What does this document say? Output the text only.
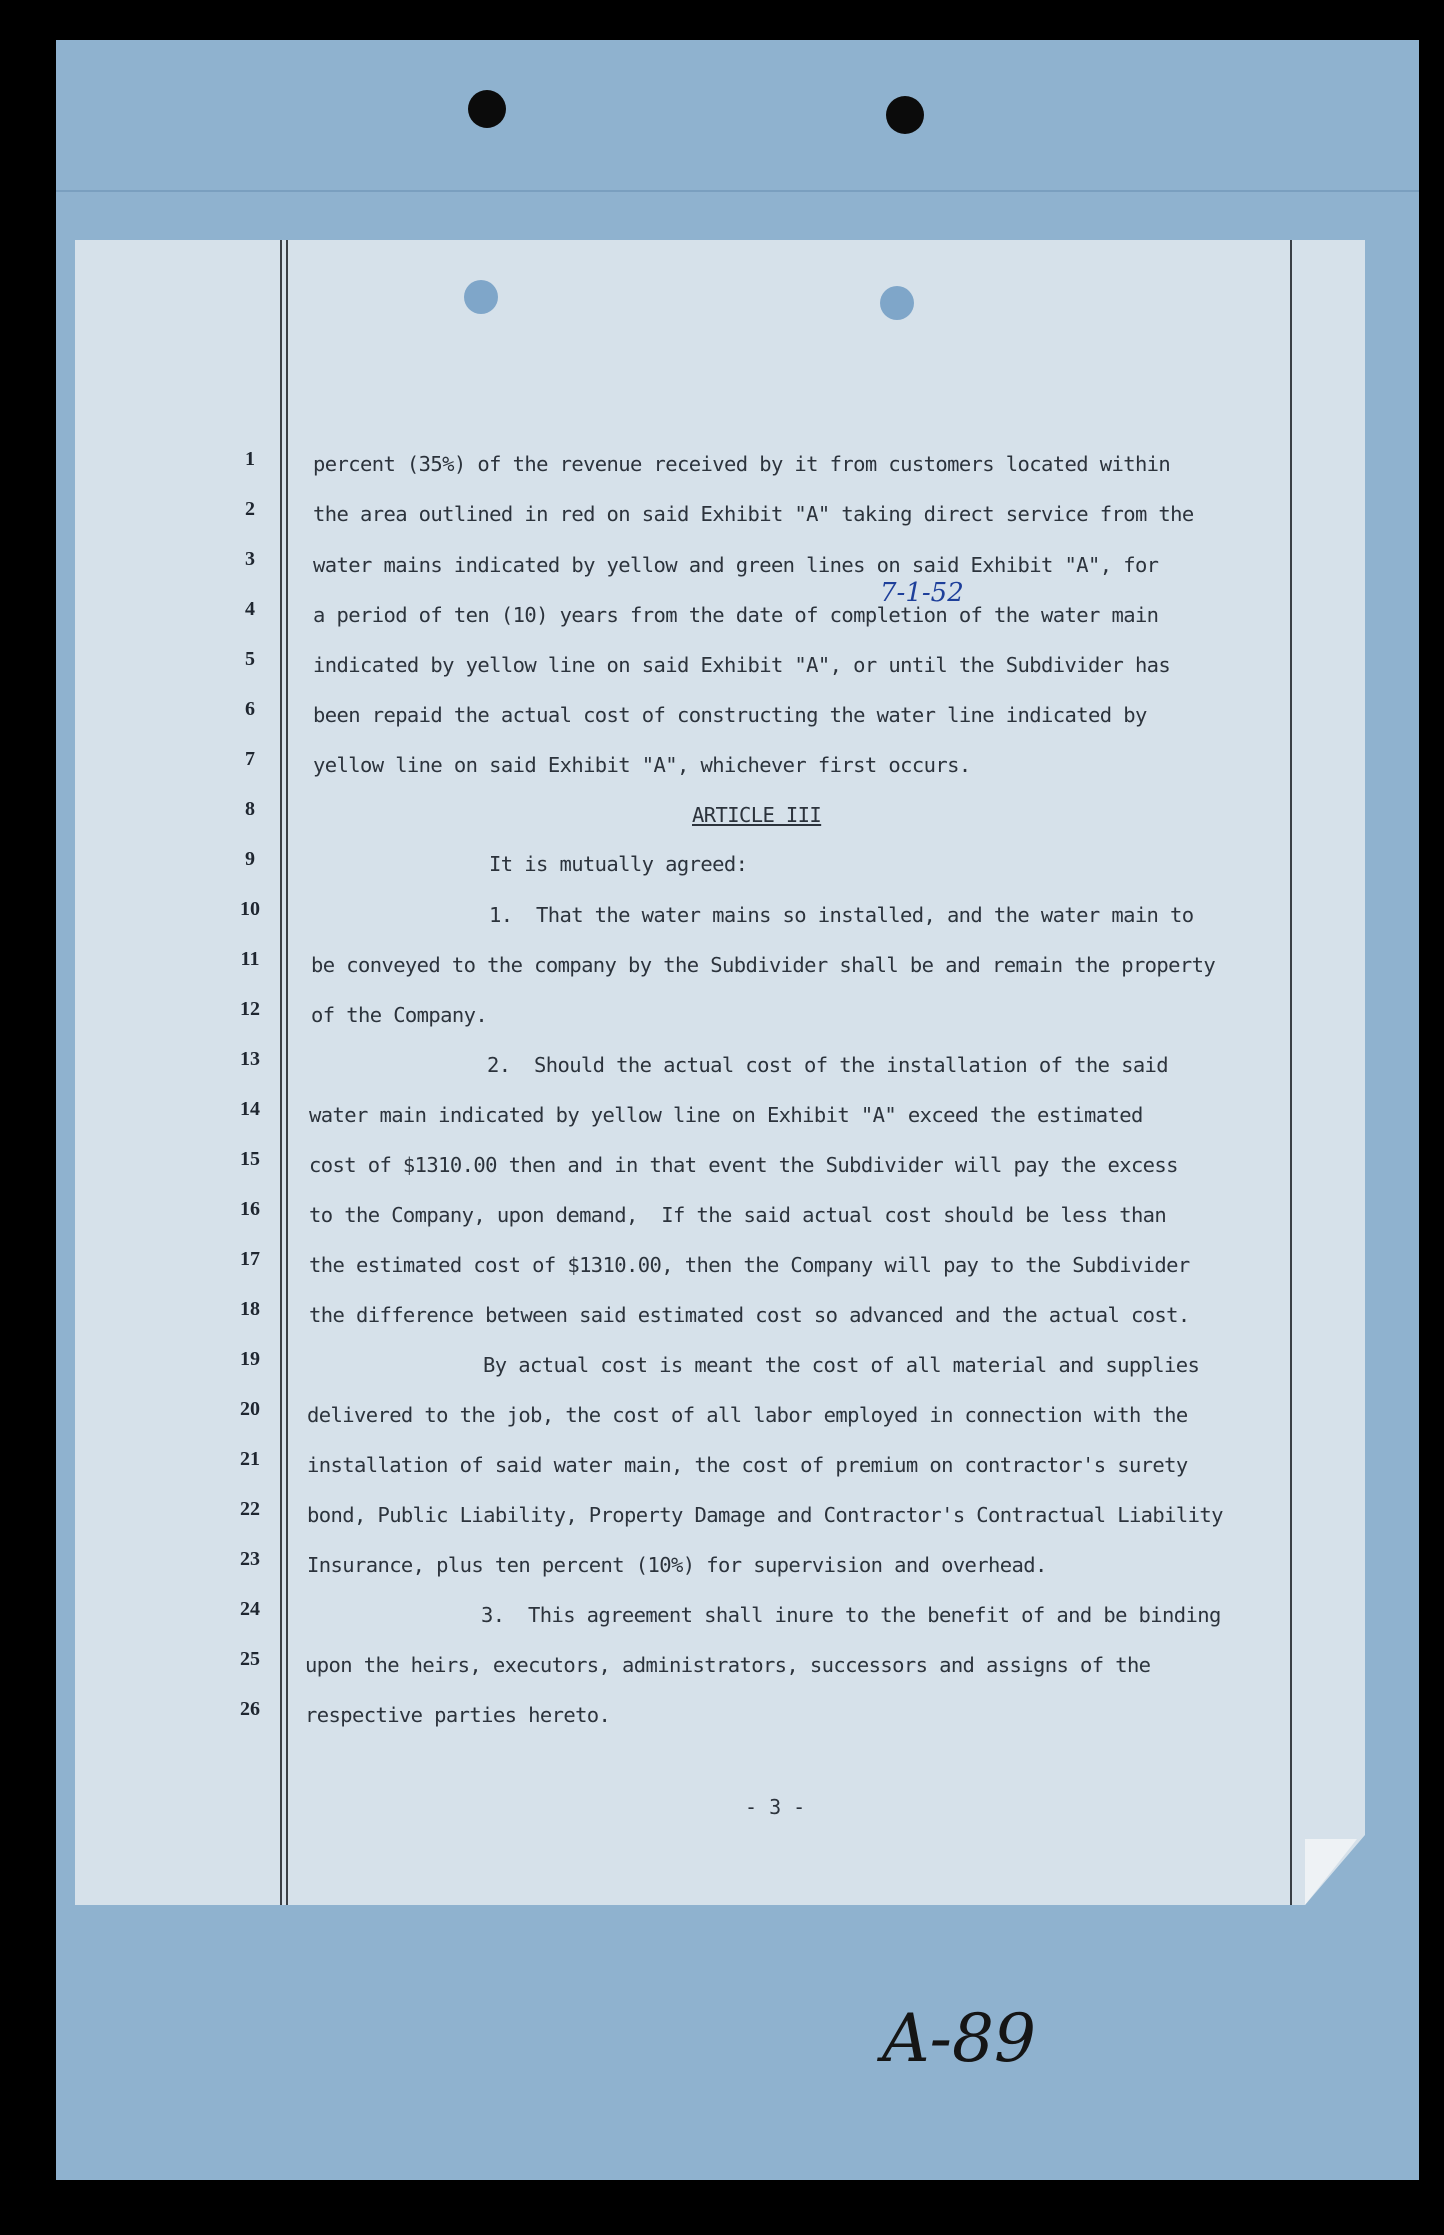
1
2
3
4
5
6
7
8
9
10
11
12
13
14
15
16
17
18
19
20
21
22
23
24
25
26
percent (35%) of the revenue received by it from customers located within
the area outlined in red on said Exhibit "A" taking direct service from the
water mains indicated by yellow and green lines on said Exhibit "A", for
7-1-52
a period of ten (10) years from the date of completion of the water main
indicated by yellow line on said Exhibit "A", or until the Subdivider has
been repaid the actual cost of constructing the water line indicated by
yellow line on said Exhibit "A", whichever first occurs.
ARTICLE III
It is mutually agreed:
1.  That the water mains so installed, and the water main to
be conveyed to the company by the Subdivider shall be and remain the property
of the Company.
2.  Should the actual cost of the installation of the said
water main indicated by yellow line on Exhibit "A" exceed the estimated
cost of $1310.00 then and in that event the Subdivider will pay the excess
to the Company, upon demand,  If the said actual cost should be less than
the estimated cost of $1310.00, then the Company will pay to the Subdivider
the difference between said estimated cost so advanced and the actual cost.
By actual cost is meant the cost of all material and supplies
delivered to the job, the cost of all labor employed in connection with the
installation of said water main, the cost of premium on contractor's surety
bond, Public Liability, Property Damage and Contractor's Contractual Liability
Insurance, plus ten percent (10%) for supervision and overhead.
3.  This agreement shall inure to the benefit of and be binding
upon the heirs, executors, administrators, successors and assigns of the
respective parties hereto.
- 3 -
A-89
